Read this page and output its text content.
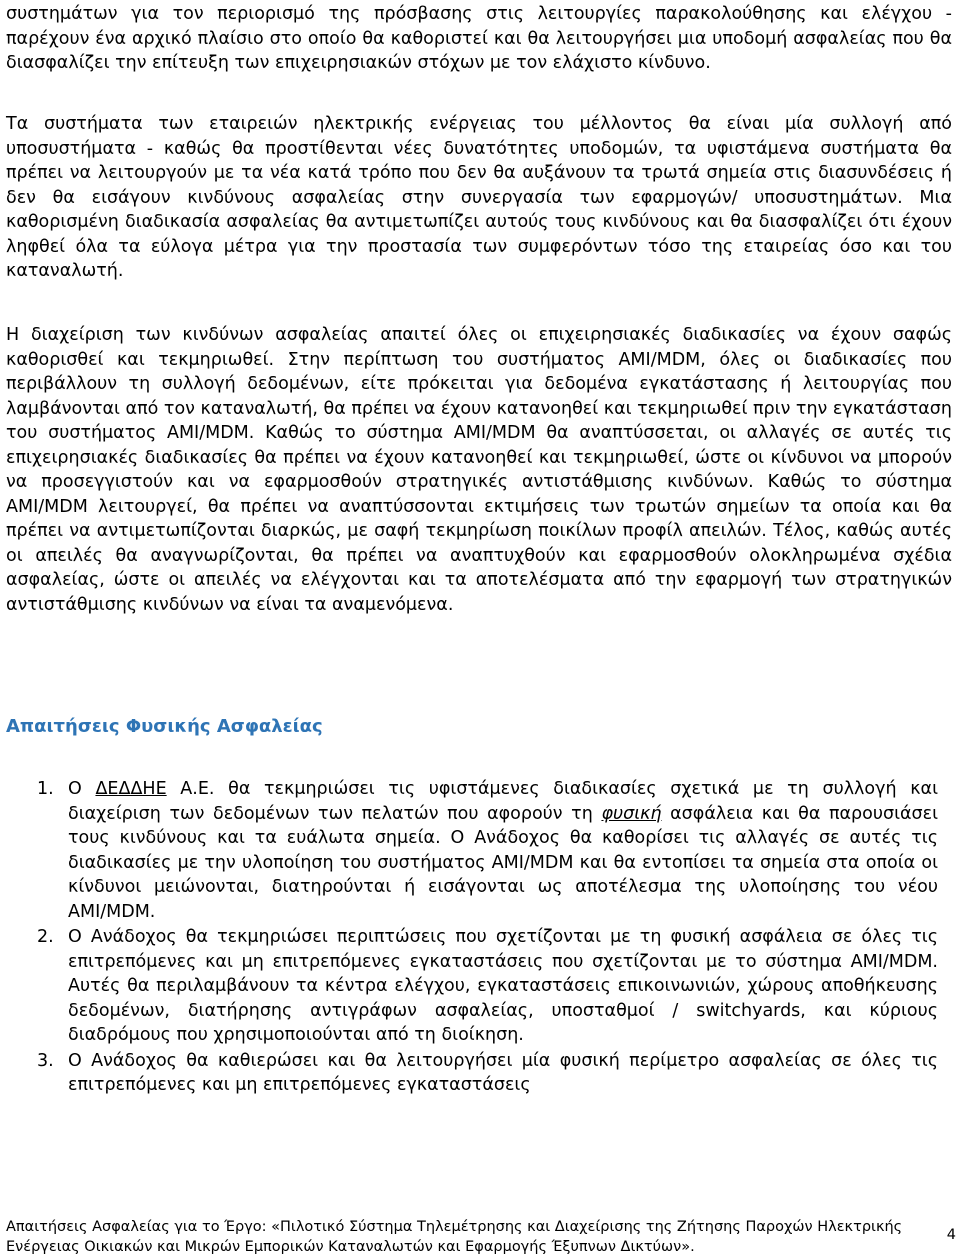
συστημάτων για τον περιορισμό της πρόσβασης στις λειτουργίες παρακολούθησης και ελέγχου - παρέχουν ένα αρχικό πλαίσιο στο οποίο θα καθοριστεί και θα λειτουργήσει μια υποδομή ασφαλείας που θα διασφαλίζει την επίτευξη των επιχειρησιακών στόχων με τον ελάχιστο κίνδυνο.

Τα συστήματα των εταιρειών ηλεκτρικής ενέργειας του μέλλοντος θα είναι μία συλλογή από υποσυστήματα - καθώς θα προστίθενται νέες δυνατότητες υποδομών, τα υφιστάμενα συστήματα θα πρέπει να λειτουργούν με τα νέα κατά τρόπο που δεν θα αυξάνουν τα τρωτά σημεία στις διασυνδέσεις ή δεν θα εισάγουν κινδύνους ασφαλείας στην συνεργασία των εφαρμογών/ υποσυστημάτων. Μια καθορισμένη διαδικασία ασφαλείας θα αντιμετωπίζει αυτούς τους κινδύνους και θα διασφαλίζει ότι έχουν ληφθεί όλα τα εύλογα μέτρα για την προστασία των συμφερόντων τόσο της εταιρείας όσο και του καταναλωτή.

Η διαχείριση των κινδύνων ασφαλείας απαιτεί όλες οι επιχειρησιακές διαδικασίες να έχουν σαφώς καθορισθεί και τεκμηριωθεί. Στην περίπτωση του συστήματος AMI/MDM, όλες οι διαδικασίες που περιβάλλουν τη συλλογή δεδομένων, είτε πρόκειται για δεδομένα εγκατάστασης ή λειτουργίας που λαμβάνονται από τον καταναλωτή, θα πρέπει να έχουν κατανοηθεί και τεκμηριωθεί πριν την εγκατάσταση του συστήματος AMI/MDM. Καθώς το σύστημα AMI/MDM θα αναπτύσσεται, οι αλλαγές σε αυτές τις επιχειρησιακές διαδικασίες θα πρέπει να έχουν κατανοηθεί και τεκμηριωθεί, ώστε οι κίνδυνοι να μπορούν να προσεγγιστούν και να εφαρμοσθούν στρατηγικές αντιστάθμισης κινδύνων. Καθώς το σύστημα AMI/MDM λειτουργεί, θα πρέπει να αναπτύσσονται εκτιμήσεις των τρωτών σημείων τα οποία και θα πρέπει να αντιμετωπίζονται διαρκώς, με σαφή τεκμηρίωση ποικίλων προφίλ απειλών. Τέλος, καθώς αυτές οι απειλές θα αναγνωρίζονται, θα πρέπει να αναπτυχθούν και εφαρμοσθούν ολοκληρωμένα σχέδια ασφαλείας, ώστε οι απειλές να ελέγχονται και τα αποτελέσματα από την εφαρμογή των στρατηγικών αντιστάθμισης κινδύνων να είναι τα αναμενόμενα.

Απαιτήσεις Φυσικής Ασφαλείας
1. Ο ΔΕΔΔΗΕ Α.Ε. θα τεκμηριώσει τις υφιστάμενες διαδικασίες σχετικά με τη συλλογή και διαχείριση των δεδομένων των πελατών που αφορούν τη φυσική ασφάλεια και θα παρουσιάσει τους κινδύνους και τα ευάλωτα σημεία. Ο Ανάδοχος θα καθορίσει τις αλλαγές σε αυτές τις διαδικασίες με την υλοποίηση του συστήματος AMI/MDM και θα εντοπίσει τα σημεία στα οποία οι κίνδυνοι μειώνονται, διατηρούνται ή εισάγονται ως αποτέλεσμα της υλοποίησης του νέου AMI/MDM.
2. Ο Ανάδοχος θα τεκμηριώσει περιπτώσεις που σχετίζονται με τη φυσική ασφάλεια σε όλες τις επιτρεπόμενες και μη επιτρεπόμενες εγκαταστάσεις που σχετίζονται με το σύστημα AMI/MDM. Αυτές θα περιλαμβάνουν τα κέντρα ελέγχου, εγκαταστάσεις επικοινωνιών, χώρους αποθήκευσης δεδομένων, διατήρησης αντιγράφων ασφαλείας, υποσταθμοί / switchyards, και κύριους διαδρόμους που χρησιμοποιούνται από τη διοίκηση.
3. Ο Ανάδοχος θα καθιερώσει και θα λειτουργήσει μία φυσική περίμετρο ασφαλείας σε όλες τις επιτρεπόμενες και μη επιτρεπόμενες εγκαταστάσεις
Απαιτήσεις Ασφαλείας για το Έργο: «Πιλοτικό Σύστημα Τηλεμέτρησης και Διαχείρισης της Ζήτησης Παροχών Ηλεκτρικής Ενέργειας Οικιακών και Μικρών Εμπορικών Καταναλωτών και Εφαρμογής Έξυπνων Δικτύων».
4
